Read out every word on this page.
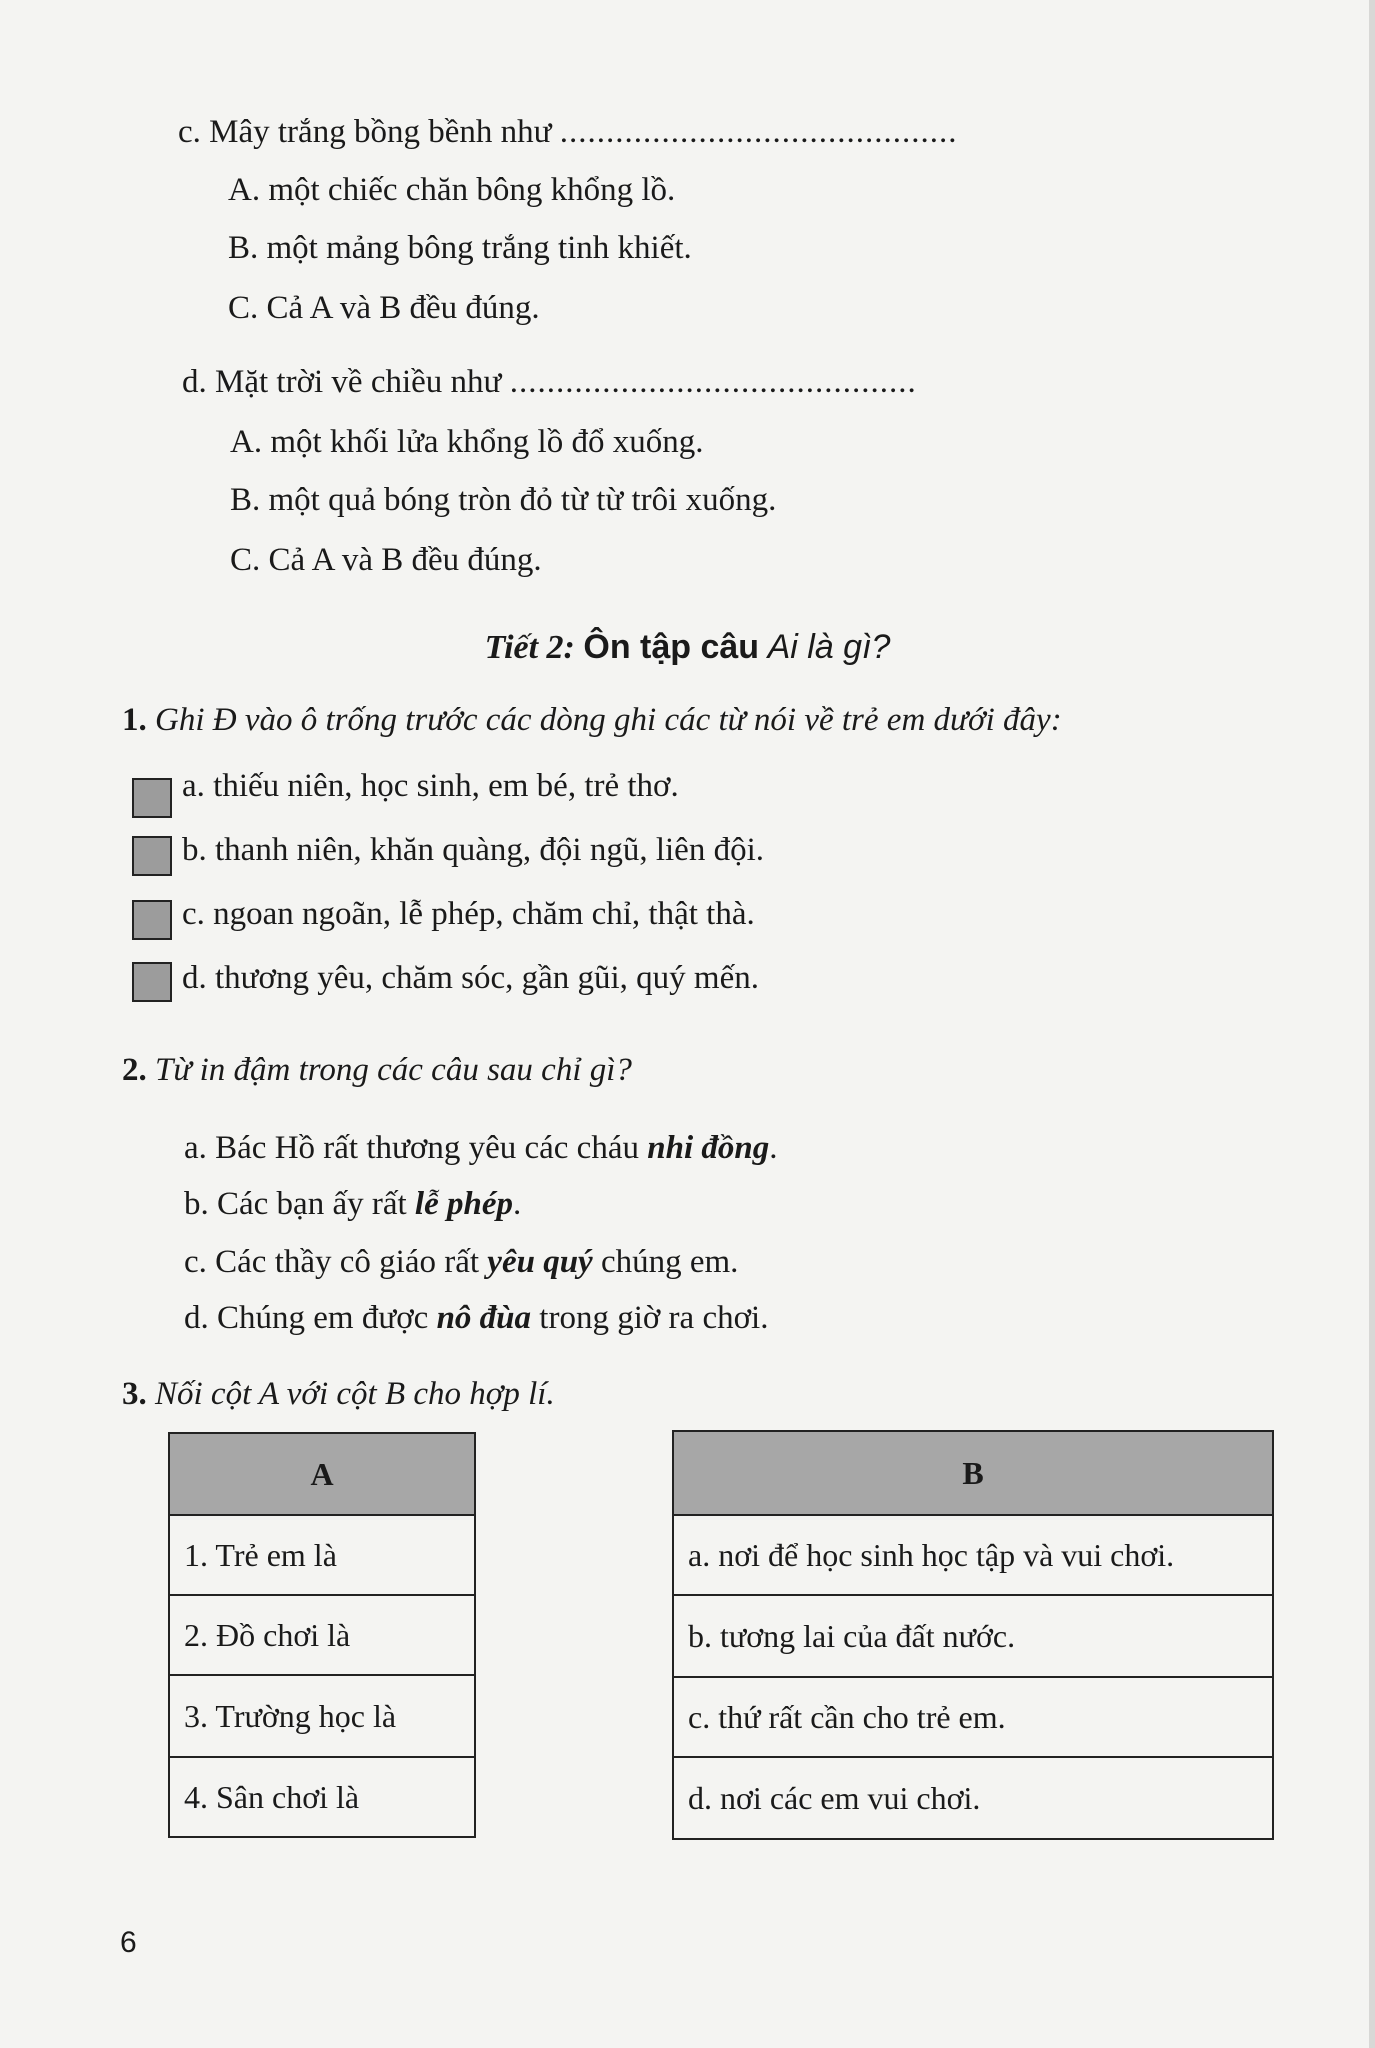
c. Mây trắng bồng bềnh như ...........................................
A. một chiếc chăn bông khổng lồ.
B. một mảng bông trắng tinh khiết.
C. Cả A và B đều đúng.
d. Mặt trời về chiều như ............................................
A. một khối lửa khổng lồ đổ xuống.
B. một quả bóng tròn đỏ từ từ trôi xuống.
C. Cả A và B đều đúng.
Tiết 2: Ôn tập câu Ai là gì?
1. Ghi Đ vào ô trống trước các dòng ghi các từ nói về trẻ em dưới đây:
a. thiếu niên, học sinh, em bé, trẻ thơ.
b. thanh niên, khăn quàng, đội ngũ, liên đội.
c. ngoan ngoãn, lễ phép, chăm chỉ, thật thà.
d. thương yêu, chăm sóc, gần gũi, quý mến.
2. Từ in đậm trong các câu sau chỉ gì?
a. Bác Hồ rất thương yêu các cháu nhi đồng.
b. Các bạn ấy rất lễ phép.
c. Các thầy cô giáo rất yêu quý chúng em.
d. Chúng em được nô đùa trong giờ ra chơi.
3. Nối cột A với cột B cho hợp lí.
A
1. Trẻ em là
2. Đồ chơi là
3. Trường học là
4. Sân chơi là
B
a. nơi để học sinh học tập và vui chơi.
b. tương lai của đất nước.
c. thứ rất cần cho trẻ em.
d. nơi các em vui chơi.
6
